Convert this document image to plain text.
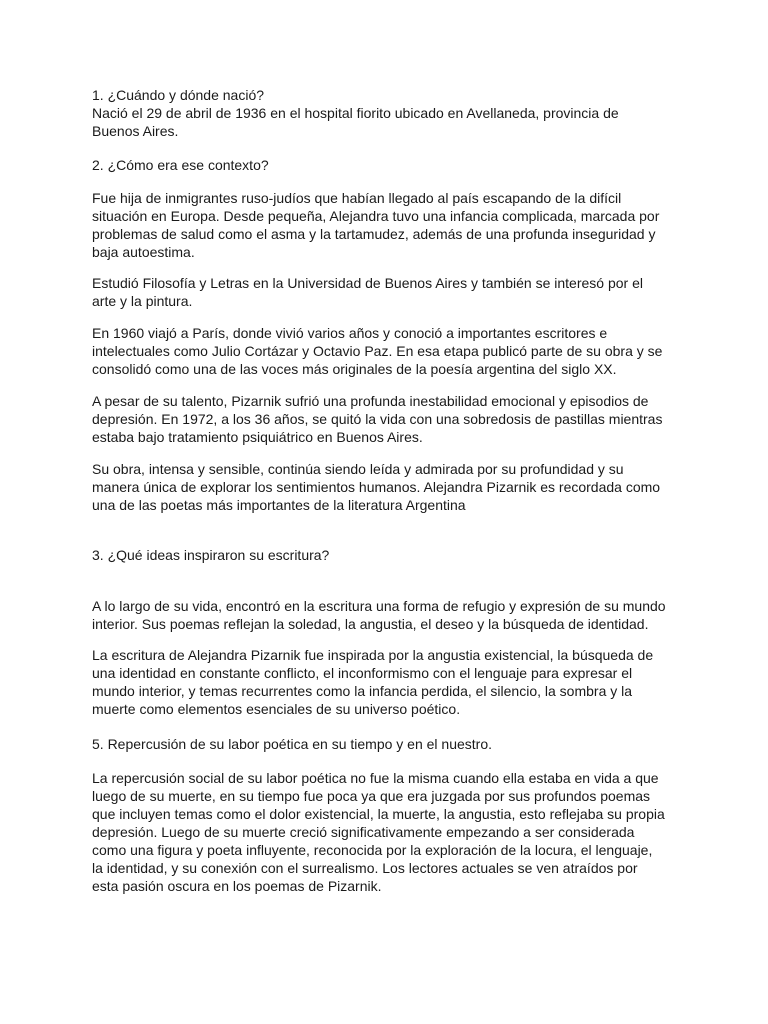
1. ¿Cuándo y dónde nació?
Nació el 29 de abril de 1936 en el hospital fiorito ubicado en Avellaneda, provincia de
Buenos Aires.
2. ¿Cómo era ese contexto?
Fue hija de inmigrantes ruso-judíos que habían llegado al país escapando de la difícil
situación en Europa. Desde pequeña, Alejandra tuvo una infancia complicada, marcada por
problemas de salud como el asma y la tartamudez, además de una profunda inseguridad y
baja autoestima.
Estudió Filosofía y Letras en la Universidad de Buenos Aires y también se interesó por el
arte y la pintura.
En 1960 viajó a París, donde vivió varios años y conoció a importantes escritores e
intelectuales como Julio Cortázar y Octavio Paz. En esa etapa publicó parte de su obra y se
consolidó como una de las voces más originales de la poesía argentina del siglo XX.
A pesar de su talento, Pizarnik sufrió una profunda inestabilidad emocional y episodios de
depresión. En 1972, a los 36 años, se quitó la vida con una sobredosis de pastillas mientras
estaba bajo tratamiento psiquiátrico en Buenos Aires.
Su obra, intensa y sensible, continúa siendo leída y admirada por su profundidad y su
manera única de explorar los sentimientos humanos. Alejandra Pizarnik es recordada como
una de las poetas más importantes de la literatura Argentina
3. ¿Qué ideas inspiraron su escritura?
A lo largo de su vida, encontró en la escritura una forma de refugio y expresión de su mundo
interior. Sus poemas reflejan la soledad, la angustia, el deseo y la búsqueda de identidad.
La escritura de Alejandra Pizarnik fue inspirada por la angustia existencial, la búsqueda de
una identidad en constante conflicto, el inconformismo con el lenguaje para expresar el
mundo interior, y temas recurrentes como la infancia perdida, el silencio, la sombra y la
muerte como elementos esenciales de su universo poético.
5. Repercusión de su labor poética en su tiempo y en el nuestro.
La repercusión social de su labor poética no fue la misma cuando ella estaba en vida a que
luego de su muerte, en su tiempo fue poca ya que era juzgada por sus profundos poemas
que incluyen temas como el dolor existencial, la muerte, la angustia, esto reflejaba su propia
depresión. Luego de su muerte creció significativamente empezando a ser considerada
como una figura y poeta influyente, reconocida por la exploración de la locura, el lenguaje,
la identidad, y su conexión con el surrealismo. Los lectores actuales se ven atraídos por
esta pasión oscura en los poemas de Pizarnik.
